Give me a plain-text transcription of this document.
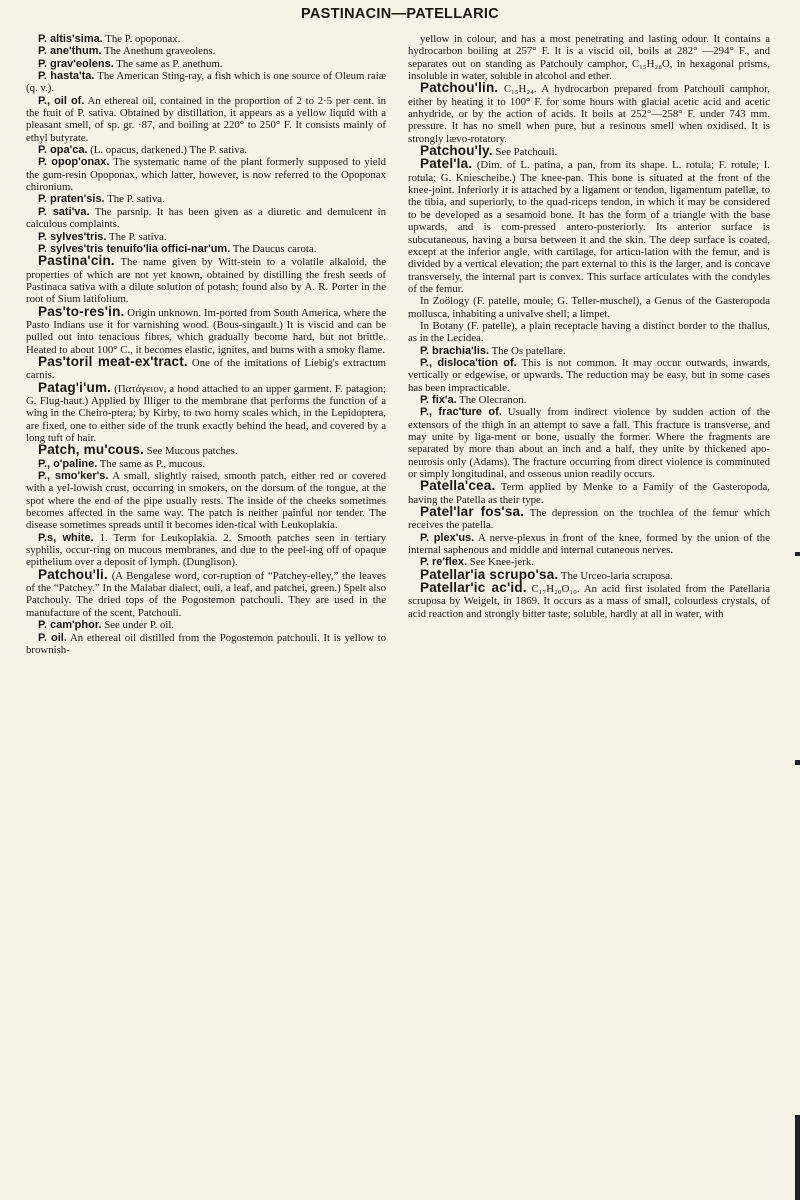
PASTINACIN—PATELLARIC

P. altis'sima. The P. opoponax.

P. ane'thum. The Anethum graveolens.

P. grav'eolens. The same as P. anethum.

P. hasta'ta. The American Sting-ray, a fish which is one source of Oleum raiæ (q. v.).

P., oil of. An ethereal oil, contained in the proportion of 2 to 2·5 per cent. in the fruit of P. sativa. Obtained by distillation, it appears as a yellow liquid with a pleasant smell, of sp. gr. ·87, and boiling at 220° to 250° F. It consists mainly of ethyl butyrate.

P. opa'ca. (L. opacus, darkened.) The P. sativa.

P. opop'onax. The systematic name of the plant formerly supposed to yield the gum-resin Opoponax, which latter, however, is now referred to the Opoponax chironium.

P. praten'sis. The P. sativa.

P. sati'va. The parsnip. It has been given as a diuretic and demulcent in calculous complaints.

P. sylves'tris. The P. sativa.

P. sylves'tris tenuifo'lia offici-nar'um. The Daucus carota.

Pastina'cin. The name given by Witt-stein to a volatile alkaloid, the properties of which are not yet known, obtained by distilling the fresh seeds of Pastinaca sativa with a dilute solution of potash; found also by A. R. Porter in the root of Sium latifolium.

Pas'to-res'in. Origin unknown. Im-ported from South America, where the Pasto Indians use it for varnishing wood. (Bous-singault.) It is viscid and can be pulled out into tenacious fibres, which gradually become hard, but not brittle. Heated to about 100° C., it becomes elastic, ignites, and burns with a smoky flame.

Pas'toril meat-ex'tract. One of the imitations of Liebig's extractum carnis.

Patag'i'um. (Πατάγειον, a hood attached to an upper garment. F. patagion; G. Flug-haut.) Applied by Illiger to the membrane that performs the function of a wing in the Cheiro-ptera; by Kirby, to two horny scales which, in the Lepidoptera, are fixed, one to either side of the trunk exactly behind the head, and covered by a long tuft of hair.

Patch, mu'cous. See Mucous patches.

P., o'paline. The same as P., mucous.

P., smo'ker's. A small, slightly raised, smooth patch, either red or covered with a yel-lowish crust, occurring in smokers, on the dorsum of the tongue, at the spot where the end of the pipe usually rests. The inside of the cheeks sometimes becomes affected in the same way. The patch is neither painful nor tender. The disease sometimes spreads until it becomes iden-tical with Leukoplakia.

P.s, white. 1. Term for Leukoplakia. 2. Smooth patches seen in tertiary syphilis, occur-ring on mucous membranes, and due to the peel-ing off of opaque epithelium over a deposit of lymph. (Dunglison).

Patchou'li. (A Bengalese word, cor-ruption of “Patchey-elley,” the leaves of the “Patchey.” In the Malabar dialect, ouli, a leaf, and patchei, green.) Spelt also Patchouly. The dried tops of the Pogostemon patchouli. They are used in the manufacture of the scent, Patchouli.

P. cam'phor. See under P. oil.

P. oil. An ethereal oil distilled from the Pogostemon patchouli. It is yellow to brownish-

yellow in colour, and has a most penetrating and lasting odour. It contains a hydrocarbon boiling at 257° F. It is a viscid oil, boils at 282° —294° F., and separates out on standing as Patchouly camphor, C₁₅H₂₈O, in hexagonal prisms, insoluble in water, soluble in alcohol and ether.

Patchou'lin. C₁₅H₂₄. A hydrocarbon prepared from Patchouli camphor, either by heating it to 100° F. for some hours with glacial acetic acid and acetic anhydride, or by the action of acids. It boils at 252°—258° F. under 743 mm. pressure. It has no smell when pure, but a resinous smell when oxidised. It is strongly lævo-rotatory.

Patchou'ly. See Patchouli.

Patel'la. (Dim. of L. patina, a pan, from its shape. L. rotula; F. rotule; I. rotula; G. Kniescheibe.) The knee-pan. This bone is situated at the front of the knee-joint. Inferiorly it is attached by a ligament or tendon, ligamentum patellæ, to the tibia, and superiorly, to the quad-riceps tendon, in which it may be considered to be developed as a sesamoid bone. It has the form of a triangle with the base upwards, and is com-pressed antero-posteriorly. Its anterior surface is subcutaneous, having a bursa between it and the skin. The deep surface is coated, except at the inferior angle, with cartilage, for articu-lation with the femur, and is divided by a vertical elevation; the part external to this is the larger, and is concave transversely, the internal part is convex. This surface articulates with the condyles of the femur.

In Zoölogy (F. patelle, moule; G. Teller-muschel), a Genus of the Gasteropoda mollusca, inhabiting a univalve shell; a limpet.

In Botany (F. patelle), a plain receptacle having a distinct border to the thallus, as in the Lecidea.

P. brachia'lis. The Os patellare.

P., disloca'tion of. This is not common. It may occur outwards, inwards, vertically or edgewise, or upwards. The reduction may be easy, but in some cases has been impracticable.

P. fix'a. The Olecranon.

P., frac'ture of. Usually from indirect violence by sudden action of the extensors of the thigh in an attempt to save a fall. This fracture is transverse, and may unite by liga-ment or bone, usually the former. Where the fragments are separated by more than about an inch and a half, they unite by thickened apo-neurosis only (Adams). The fracture occurring from direct violence is comminuted or simply longitudinal, and osseous union readily occurs.

Patella'cea. Term applied by Menke to a Family of the Gasteropoda, having the Patella as their type.

Patel'lar fos'sa. The depression on the trochlea of the femur which receives the patella.

P. plex'us. A nerve-plexus in front of the knee, formed by the union of the internal saphenous and middle and internal cutaneous nerves.

P. re'flex. See Knee-jerk.

Patellar'ia scrupo'sa. The Urceo-laria scruposa.

Patellar'ic ac'id. C₁₇H₂₀O₁₀. An acid first isolated from the Patellaria scruposa by Weigelt, in 1869. It occurs as a mass of small, colourless crystals, of acid reaction and strongly bitter taste; soluble, hardly at all in water, with
